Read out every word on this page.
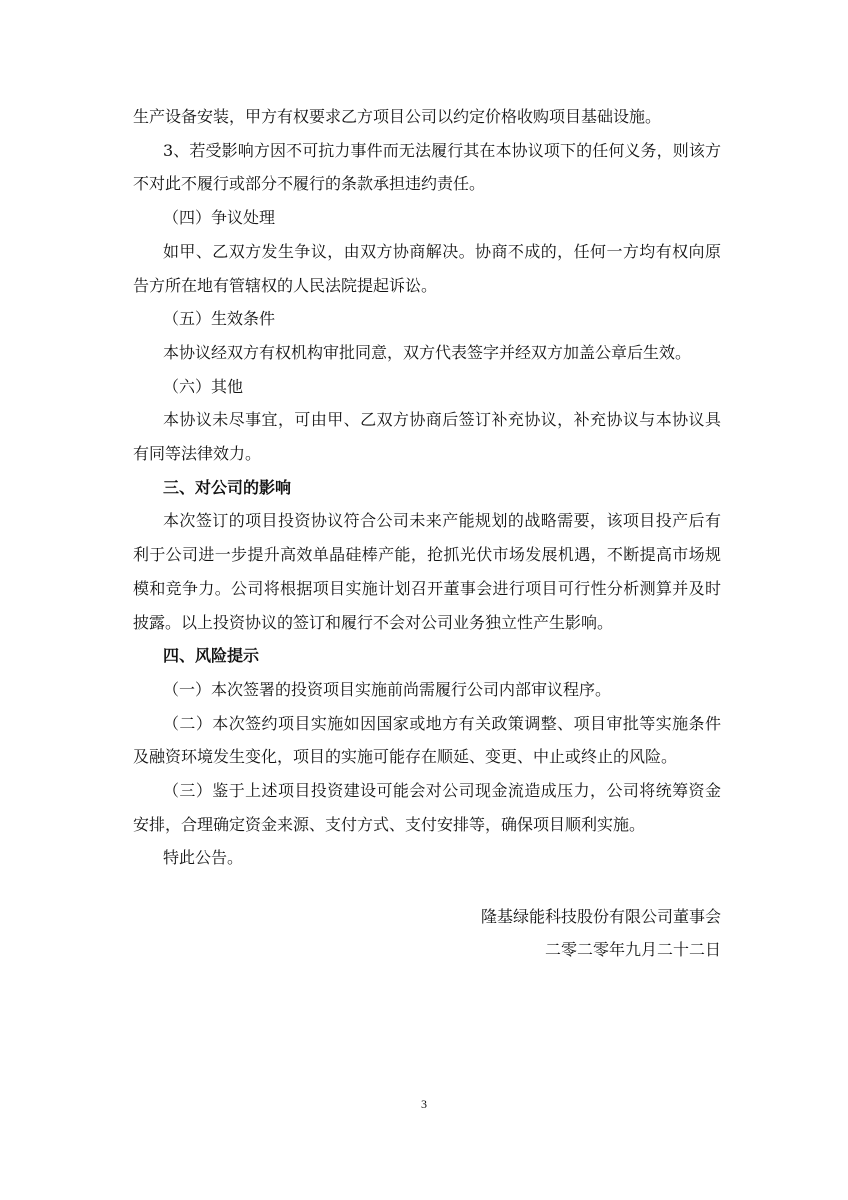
生产设备安装，甲方有权要求乙方项目公司以约定价格收购项目基础设施。

3、若受影响方因不可抗力事件而无法履行其在本协议项下的任何义务，则该方不对此不履行或部分不履行的条款承担违约责任。

（四）争议处理

如甲、乙双方发生争议，由双方协商解决。协商不成的，任何一方均有权向原告方所在地有管辖权的人民法院提起诉讼。

（五）生效条件

本协议经双方有权机构审批同意，双方代表签字并经双方加盖公章后生效。

（六）其他

本协议未尽事宜，可由甲、乙双方协商后签订补充协议，补充协议与本协议具有同等法律效力。

三、对公司的影响

本次签订的项目投资协议符合公司未来产能规划的战略需要，该项目投产后有利于公司进一步提升高效单晶硅棒产能，抢抓光伏市场发展机遇，不断提高市场规模和竞争力。公司将根据项目实施计划召开董事会进行项目可行性分析测算并及时披露。以上投资协议的签订和履行不会对公司业务独立性产生影响。

四、风险提示

（一）本次签署的投资项目实施前尚需履行公司内部审议程序。

（二）本次签约项目实施如因国家或地方有关政策调整、项目审批等实施条件及融资环境发生变化，项目的实施可能存在顺延、变更、中止或终止的风险。

（三）鉴于上述项目投资建设可能会对公司现金流造成压力，公司将统筹资金安排，合理确定资金来源、支付方式、支付安排等，确保项目顺利实施。

特此公告。

隆基绿能科技股份有限公司董事会

二零二零年九月二十二日

3
